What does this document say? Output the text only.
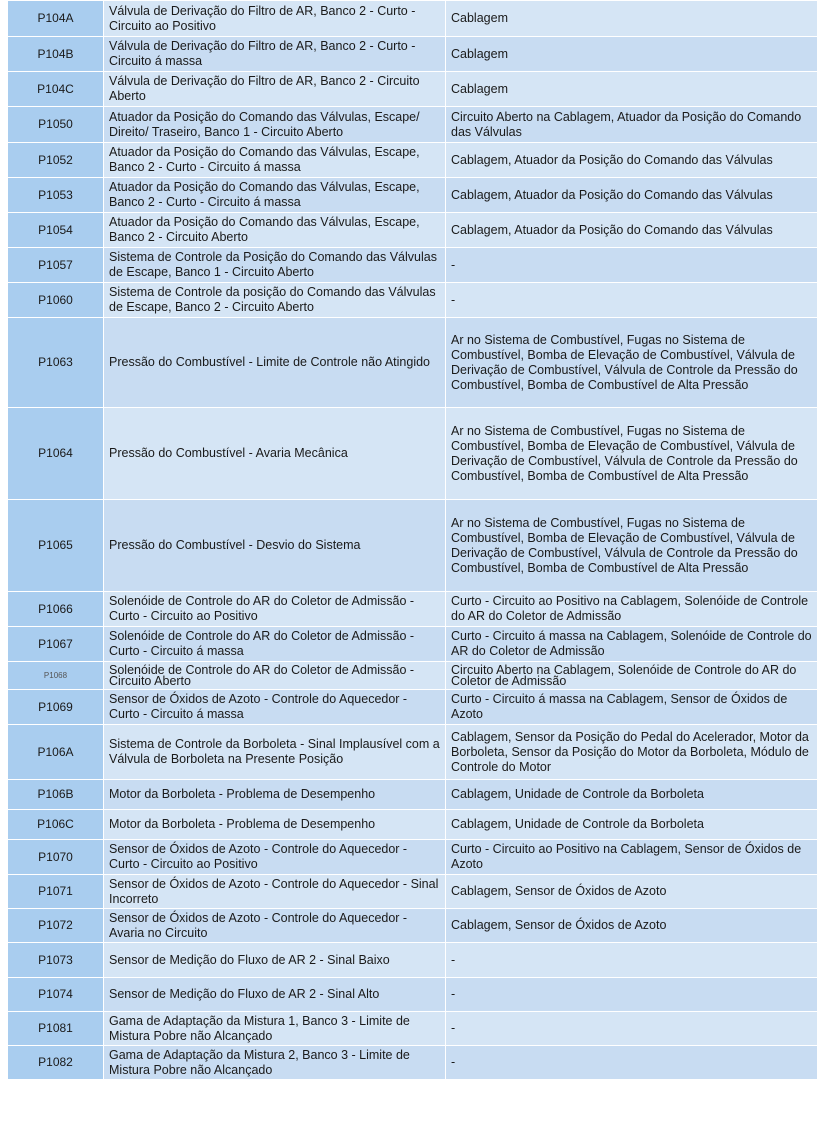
P104A	Válvula de Derivação do Filtro de AR, Banco 2 - Curto - Circuito ao Positivo	Cablagem
P104B	Válvula de Derivação do Filtro de AR, Banco 2 - Curto - Circuito á massa	Cablagem
P104C	Válvula de Derivação do Filtro de AR, Banco 2 - Circuito Aberto	Cablagem
P1050	Atuador da Posição do Comando das Válvulas, Escape/ Direito/ Traseiro, Banco 1 - Circuito Aberto	Circuito Aberto na Cablagem, Atuador da Posição do Comando das Válvulas
P1052	Atuador da Posição do Comando das Válvulas, Escape, Banco 2 - Curto - Circuito á massa	Cablagem, Atuador da Posição do Comando das Válvulas
P1053	Atuador da Posição do Comando das Válvulas, Escape, Banco 2 - Curto - Circuito á massa	Cablagem, Atuador da Posição do Comando das Válvulas
P1054	Atuador da Posição do Comando das Válvulas, Escape, Banco 2 - Circuito Aberto	Cablagem, Atuador da Posição do Comando das Válvulas
P1057	Sistema de Controle da Posição do Comando das Válvulas de Escape, Banco 1 - Circuito Aberto	-
P1060	Sistema de Controle da posição do Comando das Válvulas de Escape, Banco 2 - Circuito Aberto	-
P1063	Pressão do Combustível - Limite de Controle não Atingido	Ar no Sistema de Combustível, Fugas no Sistema de Combustível, Bomba de Elevação de Combustível, Válvula de Derivação de Combustível, Válvula de Controle da Pressão do Combustível, Bomba de Combustível de Alta Pressão
P1064	Pressão do Combustível - Avaria Mecânica	Ar no Sistema de Combustível, Fugas no Sistema de Combustível, Bomba de Elevação de Combustível, Válvula de Derivação de Combustível, Válvula de Controle da Pressão do Combustível, Bomba de Combustível de Alta Pressão
P1065	Pressão do Combustível - Desvio do Sistema	Ar no Sistema de Combustível, Fugas no Sistema de Combustível, Bomba de Elevação de Combustível, Válvula de Derivação de Combustível, Válvula de Controle da Pressão do Combustível, Bomba de Combustível de Alta Pressão
P1066	Solenóide de Controle do AR do Coletor de Admissão - Curto - Circuito ao Positivo	Curto - Circuito ao Positivo na Cablagem, Solenóide de Controle do AR do Coletor de Admissão
P1067	Solenóide de Controle do AR do Coletor de Admissão - Curto - Circuito á massa	Curto - Circuito á massa na Cablagem, Solenóide de Controle do AR do Coletor de Admissão
P1068	Solenóide de Controle do AR do Coletor de Admissão - Circuito Aberto	Circuito Aberto na Cablagem, Solenóide de Controle do AR do Coletor de Admissão
P1069	Sensor de Óxidos de Azoto - Controle do Aquecedor - Curto - Circuito á massa	Curto - Circuito á massa na Cablagem, Sensor de Óxidos de Azoto
P106A	Sistema de Controle da Borboleta - Sinal Implausível com a Válvula de Borboleta na Presente Posição	Cablagem, Sensor da Posição do Pedal do Acelerador, Motor da Borboleta, Sensor da Posição do Motor da Borboleta, Módulo de Controle do Motor
P106B	Motor da Borboleta - Problema de Desempenho	Cablagem, Unidade de Controle da Borboleta
P106C	Motor da Borboleta - Problema de Desempenho	Cablagem, Unidade de Controle da Borboleta
P1070	Sensor de Óxidos de Azoto - Controle do Aquecedor - Curto - Circuito ao Positivo	Curto - Circuito ao Positivo na Cablagem, Sensor de Óxidos de Azoto
P1071	Sensor de Óxidos de Azoto - Controle do Aquecedor - Sinal Incorreto	Cablagem, Sensor de Óxidos de Azoto
P1072	Sensor de Óxidos de Azoto - Controle do Aquecedor - Avaria no Circuito	Cablagem, Sensor de Óxidos de Azoto
P1073	Sensor de Medição do Fluxo de AR 2 - Sinal Baixo	-
P1074	Sensor de Medição do Fluxo de AR 2 - Sinal Alto	-
P1081	Gama de Adaptação da Mistura 1, Banco 3 - Limite de Mistura Pobre não Alcançado	-
P1082	Gama de Adaptação da Mistura 2, Banco 3 - Limite de Mistura Pobre não Alcançado	-
